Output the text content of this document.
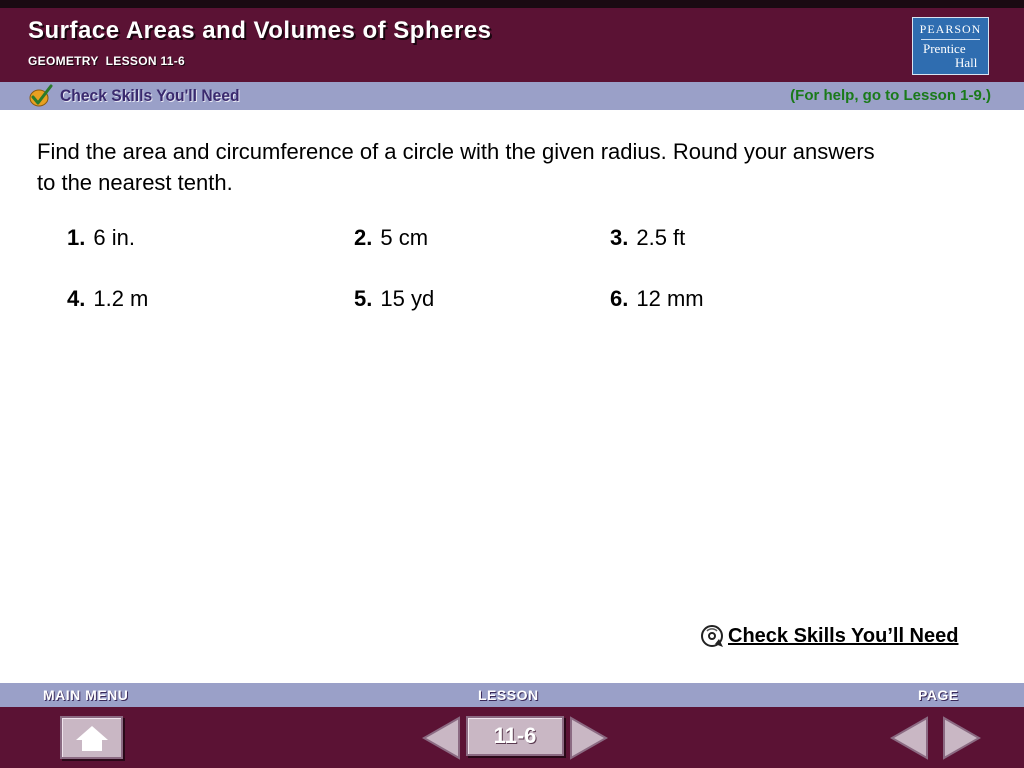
Surface Areas and Volumes of Spheres
GEOMETRY  LESSON 11-6
PEARSON
Prentice
Hall
Check Skills You'll Need	(For help, go to Lesson 1-9.)
Find the area and circumference of a circle with the given radius. Round your answers to the nearest tenth.
1. 6 in.	2. 5 cm	3. 2.5 ft
4. 1.2 m	5. 15 yd	6. 12 mm
Check Skills You’ll Need
MAIN MENU	LESSON	PAGE
11-6
